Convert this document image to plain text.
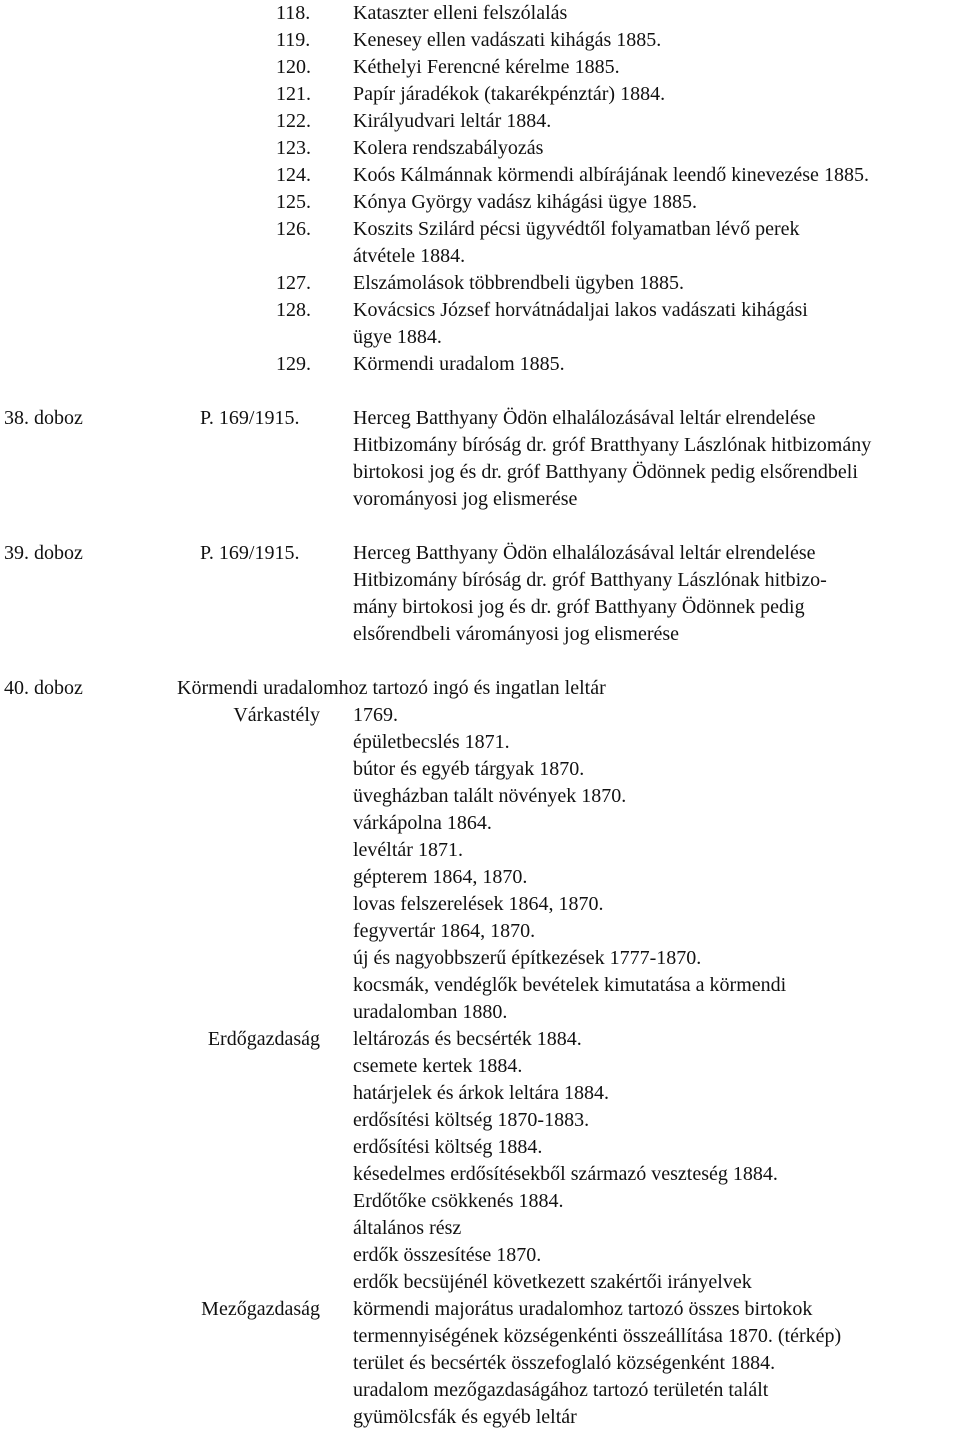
118. Kataszter elleni felszólalás
119. Kenesey ellen vadászati kihágás 1885.
120. Kéthelyi Ferencné kérelme 1885.
121. Papír járadékok (takarékpénztár) 1884.
122. Királyudvari leltár 1884.
123. Kolera rendszabályozás
124. Koós Kálmánnak körmendi albírájának leendő kinevezése 1885.
125. Kónya György vadász kihágási ügye 1885.
126. Koszits Szilárd pécsi ügyvédtől folyamatban lévő perek
átvétele 1884.
127. Elszámolások többrendbeli ügyben 1885.
128. Kovácsics József horvátnádaljai lakos vadászati kihágási
ügye 1884.
129. Körmendi uradalom 1885.
38. doboz	P. 169/1915.	Herceg Batthyany Ödön elhalálozásával leltár elrendelése
Hitbizomány bíróság dr. gróf Bratthyany Lászlónak hitbizomány
birtokosi jog és dr. gróf Batthyany Ödönnek pedig elsőrendbeli
vorományosi jog elismerése
39. doboz	P. 169/1915.	Herceg Batthyany Ödön elhalálozásával leltár elrendelése
Hitbizomány bíróság dr. gróf Batthyany Lászlónak hitbizo-
mány birtokosi jog és dr. gróf Batthyany Ödönnek pedig
elsőrendbeli várományosi jog elismerése
40. doboz	Körmendi uradalomhoz tartozó ingó és ingatlan leltár
Várkastély 1769.
épületbecslés 1871.
bútor és egyéb tárgyak 1870.
üvegházban talált növények 1870.
várkápolna 1864.
levéltár 1871.
gépterem 1864, 1870.
lovas felszerelések 1864, 1870.
fegyvertár 1864, 1870.
új és nagyobbszerű építkezések 1777-1870.
kocsmák, vendéglők bevételek kimutatása a körmendi
uradalomban 1880.
Erdőgazdaság leltározás és becsérték 1884.
csemete kertek 1884.
határjelek és árkok leltára 1884.
erdősítési költség 1870-1883.
erdősítési költség 1884.
késedelmes erdősítésekből származó veszteség 1884.
Erdőtőke csökkenés 1884.
általános rész
erdők összesítése 1870.
erdők becsüjénél következett szakértői irányelvek
Mezőgazdaság körmendi majorátus uradalomhoz tartozó összes birtokok
termennyiségének községenkénti összeállítása 1870. (térkép)
terület és becsérték összefoglaló községenként 1884.
uradalom mezőgazdaságához tartozó területén talált
gyümölcsfák és egyéb leltár
